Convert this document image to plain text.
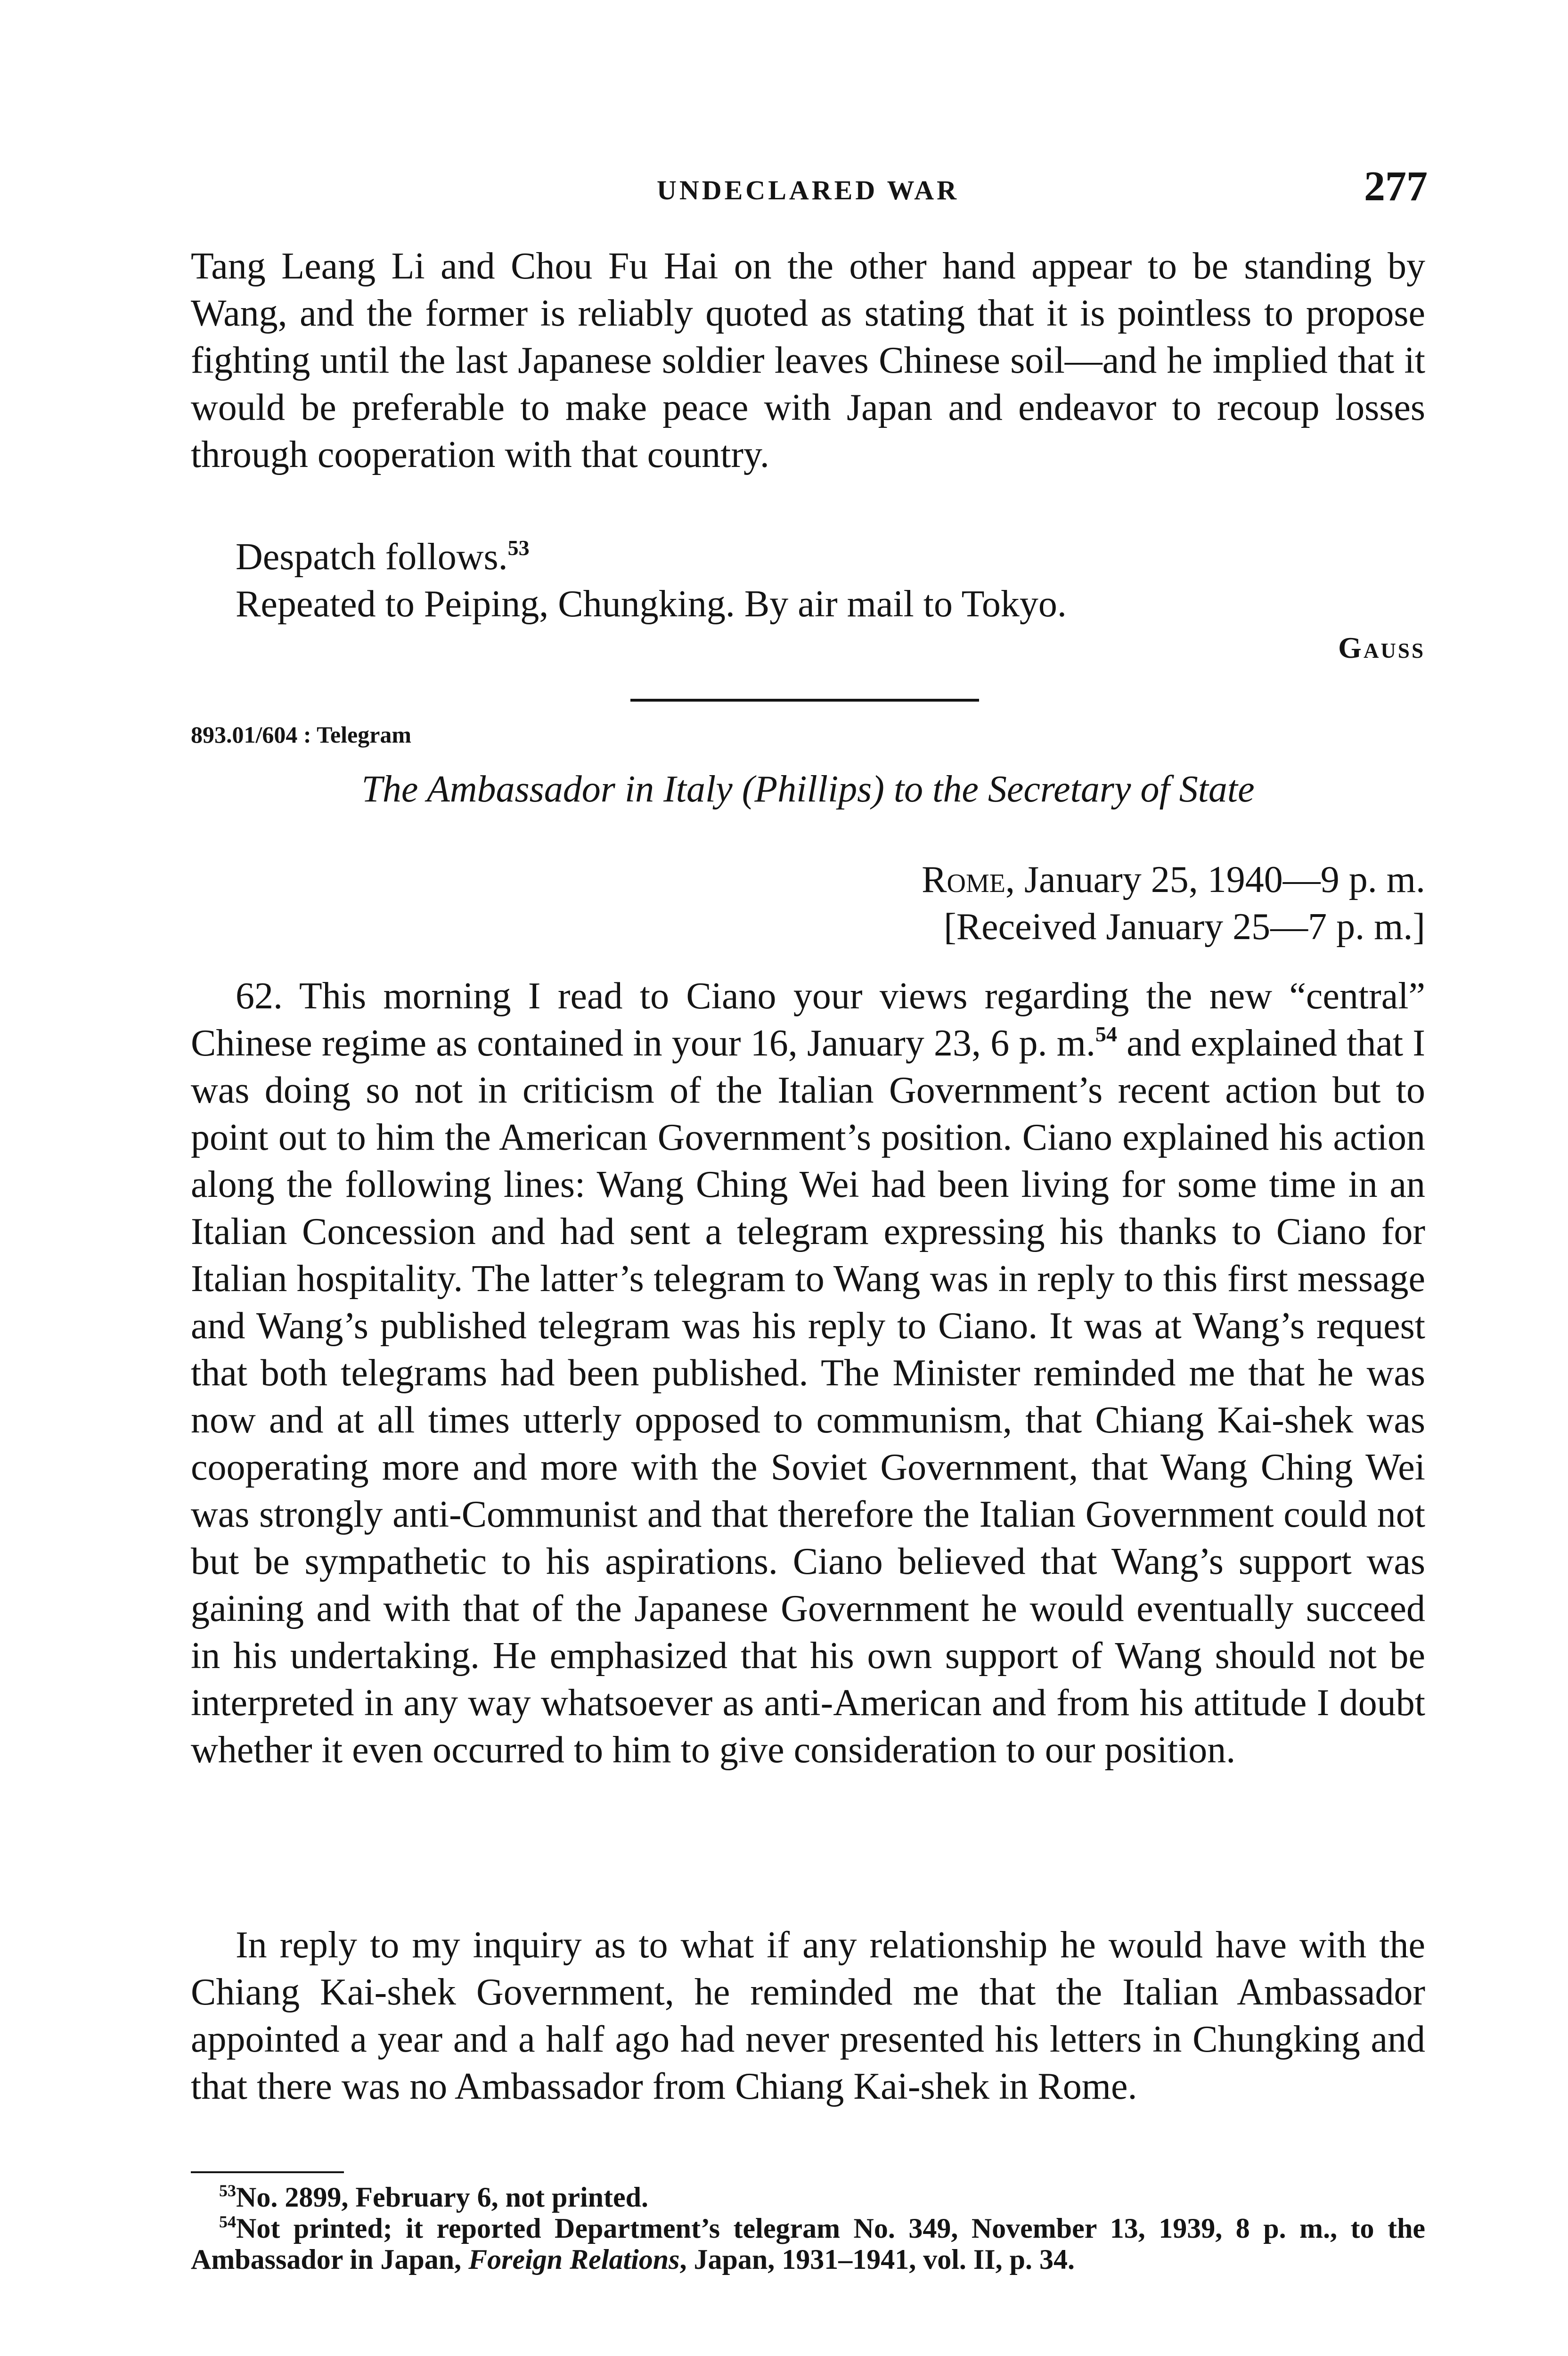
UNDECLARED WAR	277

Tang Leang Li and Chou Fu Hai on the other hand appear to be standing by Wang, and the former is reliably quoted as stating that it is pointless to propose fighting until the last Japanese soldier leaves Chinese soil—and he implied that it would be preferable to make peace with Japan and endeavor to recoup losses through cooperation with that country.

Despatch follows.$^{53}$

Repeated to Peiping, Chungking. By air mail to Tokyo.

Gauss
893.01/604 : Telegram
The Ambassador in Italy (Phillips) to the Secretary of State
Rome, January 25, 1940—9 p. m.
[Received January 25—7 p. m.]

62. This morning I read to Ciano your views regarding the new “central” Chinese regime as contained in your 16, January 23, 6 p. m.$^{54}$ and explained that I was doing so not in criticism of the Italian Government’s recent action but to point out to him the American Government’s position. Ciano explained his action along the following lines: Wang Ching Wei had been living for some time in an Italian Concession and had sent a telegram expressing his thanks to Ciano for Italian hospitality. The latter’s telegram to Wang was in reply to this first message and Wang’s published telegram was his reply to Ciano. It was at Wang’s request that both telegrams had been published. The Minister reminded me that he was now and at all times utterly opposed to communism, that Chiang Kai-shek was cooperating more and more with the Soviet Government, that Wang Ching Wei was strongly anti-Communist and that therefore the Italian Government could not but be sympathetic to his aspirations. Ciano believed that Wang’s support was gaining and with that of the Japanese Government he would eventually succeed in his undertaking. He emphasized that his own support of Wang should not be interpreted in any way whatsoever as anti-American and from his attitude I doubt whether it even occurred to him to give consideration to our position.

In reply to my inquiry as to what if any relationship he would have with the Chiang Kai-shek Government, he reminded me that the Italian Ambassador appointed a year and a half ago had never presented his letters in Chungking and that there was no Ambassador from Chiang Kai-shek in Rome.

$^{53}$No. 2899, February 6, not printed.

$^{54}$Not printed; it reported Department’s telegram No. 349, November 13, 1939, 8 p. m., to the Ambassador in Japan, Foreign Relations, Japan, 1931–1941, vol. II, p. 34.
